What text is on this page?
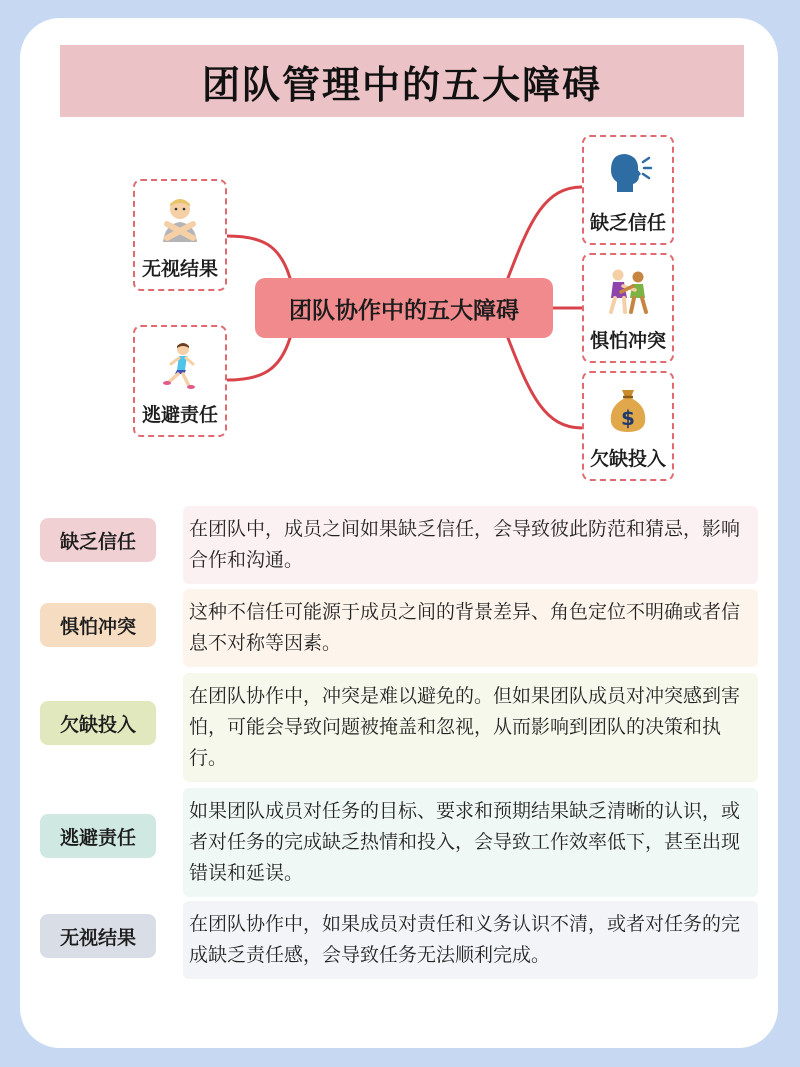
团队管理中的五大障碍
团队协作中的五大障碍
无视结果
逃避责任
缺乏信任
惧怕冲突
$
欠缺投入
缺乏信任
在团队中，成员之间如果缺乏信任，会导致彼此防范和猜忌，影响合作和沟通。
惧怕冲突
这种不信任可能源于成员之间的背景差异、角色定位不明确或者信息不对称等因素。
欠缺投入
在团队协作中，冲突是难以避免的。但如果团队成员对冲突感到害怕，可能会导致问题被掩盖和忽视，从而影响到团队的决策和执行。
逃避责任
如果团队成员对任务的目标、要求和预期结果缺乏清晰的认识，或者对任务的完成缺乏热情和投入，会导致工作效率低下，甚至出现错误和延误。
无视结果
在团队协作中，如果成员对责任和义务认识不清，或者对任务的完成缺乏责任感，会导致任务无法顺利完成。
